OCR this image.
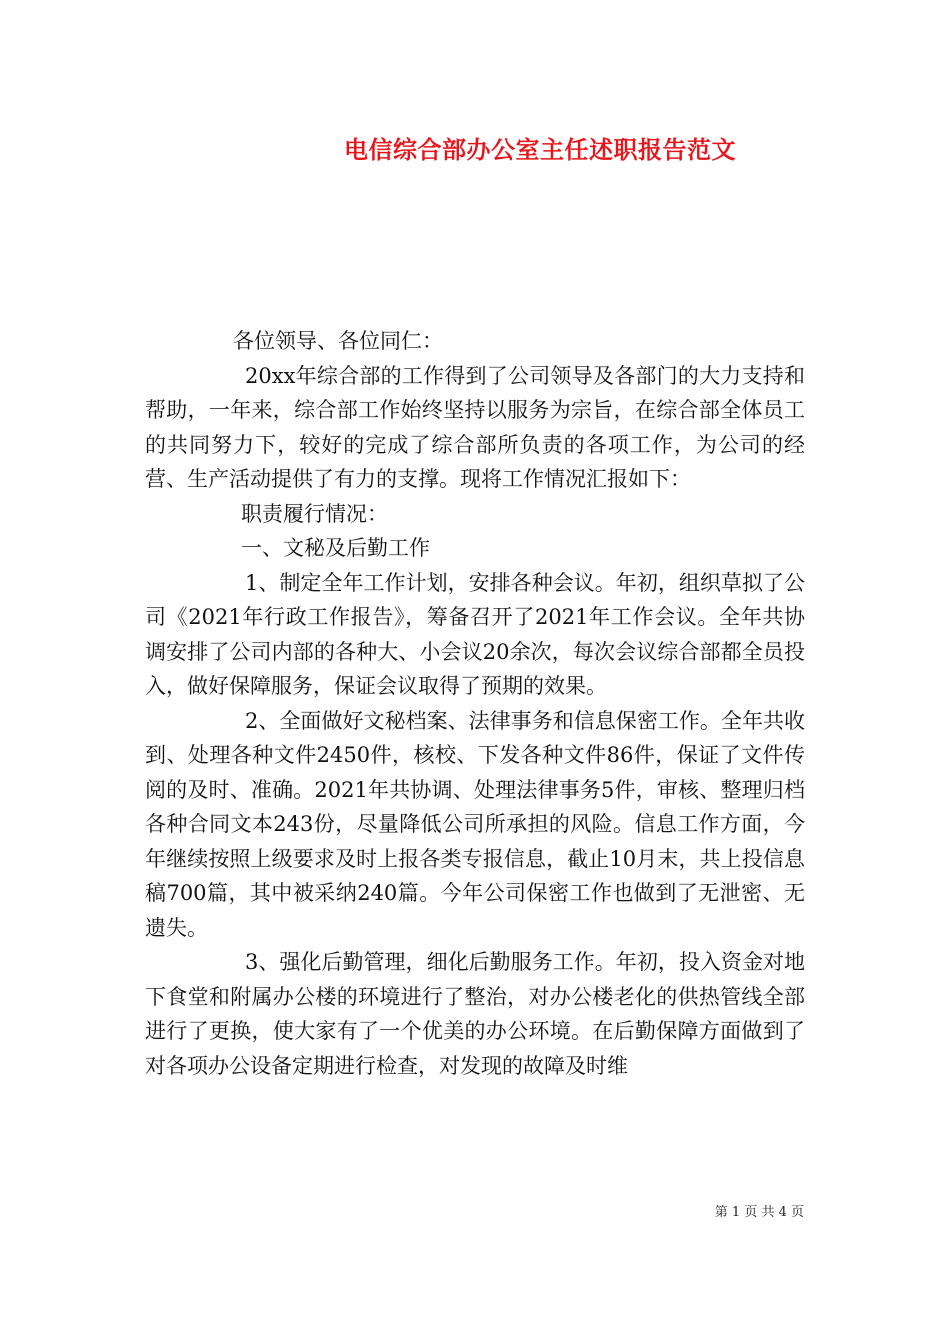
电信综合部办公室主任述职报告范文

各位领导、各位同仁：

20xx年综合部的工作得到了公司领导及各部门的大力支持和帮助，一年来，综合部工作始终坚持以服务为宗旨，在综合部全体员工的共同努力下，较好的完成了综合部所负责的各项工作，为公司的经营、生产活动提供了有力的支撑。现将工作情况汇报如下：

职责履行情况：

一、文秘及后勤工作

1、制定全年工作计划，安排各种会议。年初，组织草拟了公司《2021年行政工作报告》，筹备召开了2021年工作会议。全年共协调安排了公司内部的各种大、小会议20余次，每次会议综合部都全员投入，做好保障服务，保证会议取得了预期的效果。

2、全面做好文秘档案、法律事务和信息保密工作。全年共收到、处理各种文件2450件，核校、下发各种文件86件，保证了文件传阅的及时、准确。2021年共协调、处理法律事务5件，审核、整理归档各种合同文本243份，尽量降低公司所承担的风险。信息工作方面，今年继续按照上级要求及时上报各类专报信息，截止10月末，共上投信息稿700篇，其中被采纳240篇。今年公司保密工作也做到了无泄密、无遗失。

3、强化后勤管理，细化后勤服务工作。年初，投入资金对地下食堂和附属办公楼的环境进行了整治，对办公楼老化的供热管线全部进行了更换，使大家有了一个优美的办公环境。在后勤保障方面做到了对各项办公设备定期进行检查，对发现的故障及时维

第 1 页 共 4 页
